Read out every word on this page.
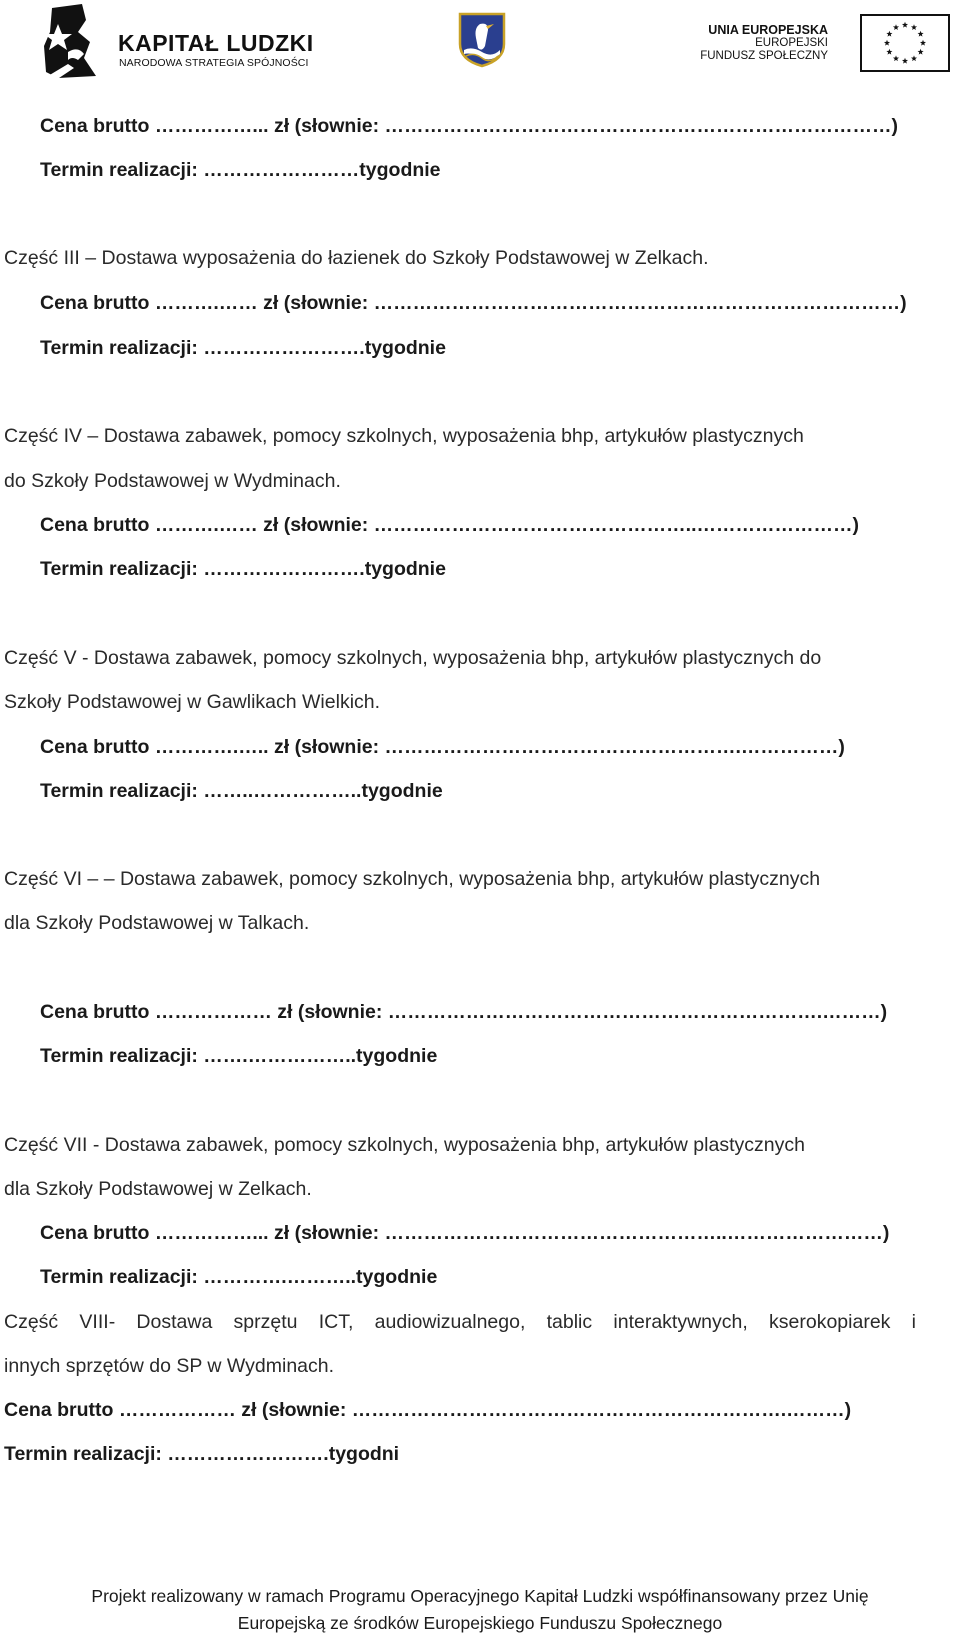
KAPITAŁ LUDZKI
NARODOWA STRATEGIA SPÓJNOŚCI
UNIA EUROPEJSKA
EUROPEJSKI
FUNDUSZ SPOŁECZNY
Cena brutto ……………... zł (słownie: ……………………………………………………………………)
Termin realizacji: ……………………tygodnie
Część III – Dostawa wyposażenia do łazienek do Szkoły Podstawowej w Zelkach.
Cena brutto ……….…… zł (słownie: ………………………………………………………………………)
Termin realizacji: …………………….tygodnie
Część IV – Dostawa zabawek, pomocy szkolnych, wyposażenia bhp, artykułów plastycznych
do Szkoły Podstawowej w Wydminach.
Cena brutto ……….…… zł (słownie: …………………………………………..……………………)
Termin realizacji: …………………….tygodnie
Część V - Dostawa zabawek, pomocy szkolnych, wyposażenia bhp, artykułów plastycznych do
Szkoły Podstawowej w Gawlikach Wielkich.
Cena brutto ………….….. zł (słownie: ……………………………………………….……………)
Termin realizacji: ……..……………..tygodnie
Część VI – – Dostawa zabawek, pomocy szkolnych, wyposażenia bhp, artykułów plastycznych
dla Szkoły Podstawowej w Talkach.
Cena brutto ……………… zł (słownie: ………………………………………………………….………)
Termin realizacji: …….……………..tygodnie
Część VII - Dostawa zabawek, pomocy szkolnych, wyposażenia bhp, artykułów plastycznych
dla Szkoły Podstawowej w Zelkach.
Cena brutto ……………... zł (słownie: ……………………………………………..……………………)
Termin realizacji: ………….………..tygodnie
Część VIII- Dostawa sprzętu ICT, audiowizualnego, tablic interaktywnych, kserokopiarek i
innych sprzętów do SP w Wydminach.
Cena brutto ……………… zł (słownie: ………………………………………………………….………)
Termin realizacji: …………………….tygodni
Projekt realizowany w ramach Programu Operacyjnego Kapitał Ludzki współfinansowany przez Unię
Europejską ze środków Europejskiego Funduszu Społecznego
